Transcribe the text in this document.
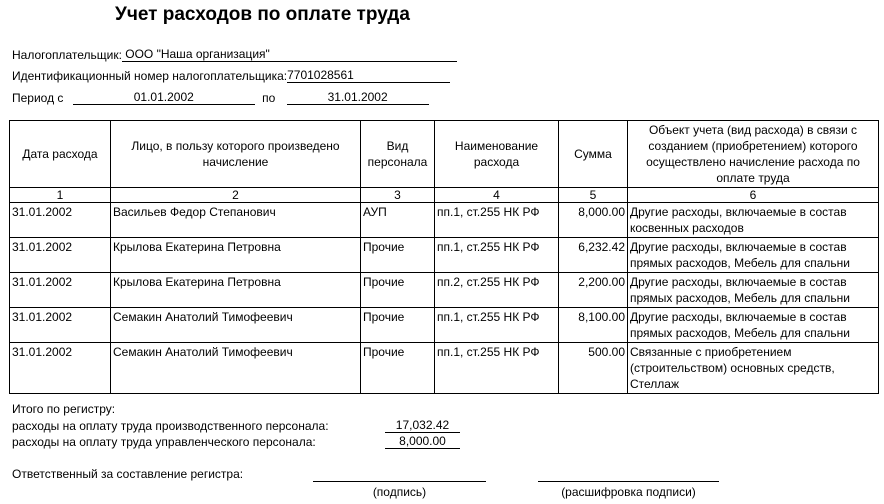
Учет расходов по оплате труда
Налогоплательщик: ООО "Наша организация"
Идентификационный номер налогоплательщика:7701028561
Период с	01.01.2002	по	31.01.2002
Дата расхода	Лицо, в пользу которого произведено начисление	Вид персонала	Наименование расхода	Сумма	Объект учета (вид расхода) в связи с созданием (приобретением) которого осуществлено начисление расхода по оплате труда
1	2	3	4	5	6
31.01.2002	Васильев Федор Степанович	АУП	пп.1, ст.255 НК РФ	8,000.00	Другие расходы, включаемые в состав косвенных расходов
31.01.2002	Крылова Екатерина Петровна	Прочие	пп.1, ст.255 НК РФ	6,232.42	Другие расходы, включаемые в состав прямых расходов, Мебель для спальни
31.01.2002	Крылова Екатерина Петровна	Прочие	пп.2, ст.255 НК РФ	2,200.00	Другие расходы, включаемые в состав прямых расходов, Мебель для спальни
31.01.2002	Семакин Анатолий Тимофеевич	Прочие	пп.1, ст.255 НК РФ	8,100.00	Другие расходы, включаемые в состав прямых расходов, Мебель для спальни
31.01.2002	Семакин Анатолий Тимофеевич	Прочие	пп.1, ст.255 НК РФ	500.00	Связанные с приобретением (строительством) основных средств, Стеллаж
Итого по регистру:
расходы на оплату труда производственного персонала:	17,032.42
расходы на оплату труда управленческого персонала:	8,000.00
Ответственный за составление регистра:
(подпись)	(расшифровка подписи)
